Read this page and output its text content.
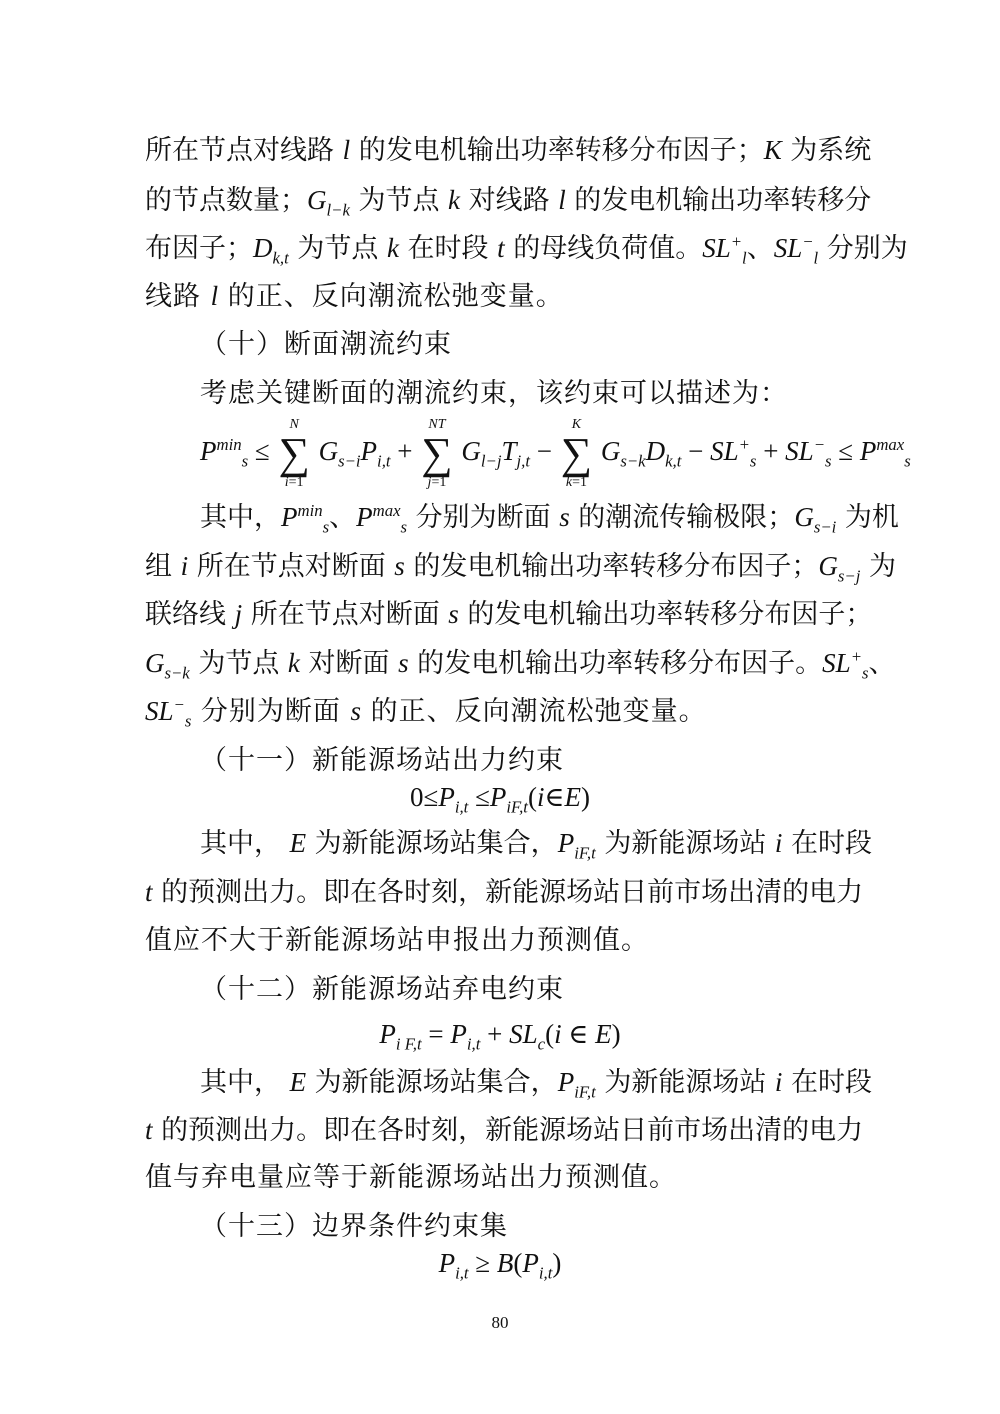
所在节点对线路 l 的发电机输出功率转移分布因子；K 为系统
的节点数量；$G_{l-k}$ 为节点 k 对线路 l 的发电机输出功率转移分
布因子；$D_{k,t}$ 为节点 k 在时段 t 的母线负荷值。$SL^+_l$、$SL^-_l$ 分别为
线路 l 的正、反向潮流松弛变量。
（十）断面潮流约束
考虑关键断面的潮流约束，该约束可以描述为：
$P^{min}_s$ ≤
N
∑
i=1
$G_{s-i}P_{i,t}$ +
NT
∑
j=1
$G_{l-j}T_{j,t}$ −
K
∑
k=1
$G_{s-k}D_{k,t} - SL^+_s + SL^-_s \le P^{max}_s$
其中，$P^{min}_s$、$P^{max}_s$ 分别为断面 s 的潮流传输极限；$G_{s-i}$ 为机
组 i 所在节点对断面 s 的发电机输出功率转移分布因子；$G_{s-j}$ 为
联络线 j 所在节点对断面 s 的发电机输出功率转移分布因子；
$G_{s-k}$ 为节点 k 对断面 s 的发电机输出功率转移分布因子。$SL^+_s$、
$SL^-_s$ 分别为断面 s 的正、反向潮流松弛变量。
（十一）新能源场站出力约束
$0\le P_{i,t}$ $\le P_{iF,t}(i\in E)$
其中， E 为新能源场站集合，$P_{iF,t}$ 为新能源场站 i 在时段
t 的预测出力。即在各时刻，新能源场站日前市场出清的电力
值应不大于新能源场站申报出力预测值。
（十二）新能源场站弃电约束
$P_{i F,t} = P_{i,t} + SL_c(i$ ∈ E)
其中， E 为新能源场站集合，$P_{iF,t}$ 为新能源场站 i 在时段
t 的预测出力。即在各时刻，新能源场站日前市场出清的电力
值与弃电量应等于新能源场站出力预测值。
（十三）边界条件约束集
$P_{i,t} \ge B(P_{i,t})$
80
